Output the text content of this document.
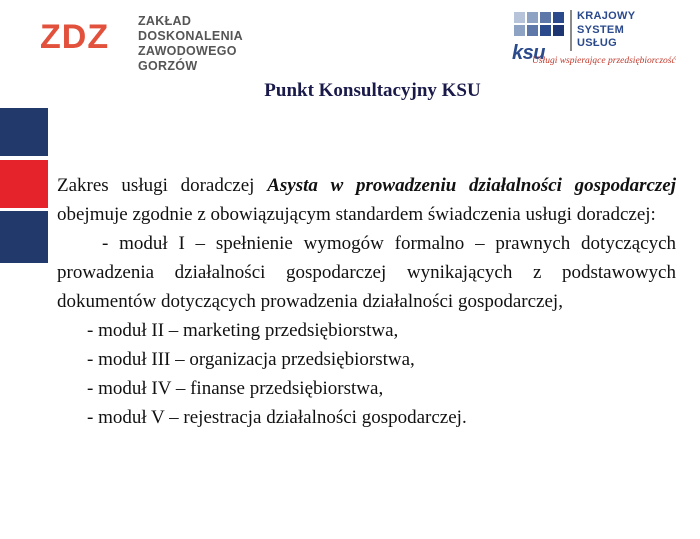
ZDZ ZAKŁAD
DOSKONALENIA
ZAWODOWEGO
GORZÓW
ksu
KRAJOWY
SYSTEM
USŁUG
Usługi wspierające przedsiębiorczość
Punkt Konsultacyjny KSU

Zakres usługi doradczej Asysta w prowadzeniu działalności gospodarczej obejmuje zgodnie z obowiązującym standardem świadczenia usługi doradczej:

- moduł I – spełnienie wymogów formalno – prawnych dotyczących prowadzenia działalności gospodarczej wynikających z podstawowych dokumentów dotyczących prowadzenia działalności gospodarczej,

- moduł II – marketing przedsiębiorstwa,

- moduł III – organizacja przedsiębiorstwa,

- moduł IV – finanse przedsiębiorstwa,

- moduł V – rejestracja działalności gospodarczej.
